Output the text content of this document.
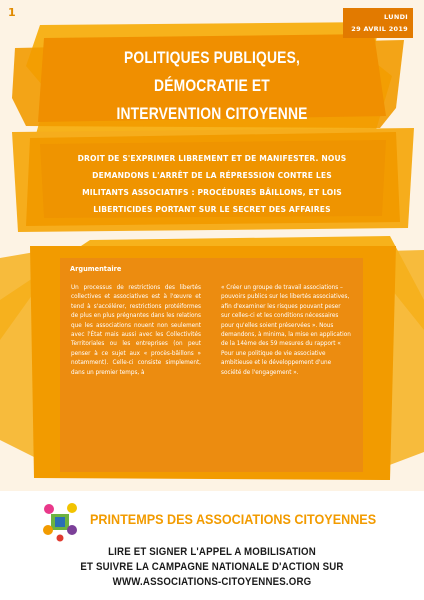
1	LUNDI
29 AVRIL 2019
POLITIQUES PUBLIQUES, DÉMOCRATIE ET
INTERVENTION CITOYENNE
DROIT DE S'EXPRIMER LIBREMENT ET DE MANIFESTER. NOUS
DEMANDONS L'ARRÊT DE LA RÉPRESSION CONTRE LES
MILITANTS ASSOCIATIFS : PROCÉDURES BÂILLONS, ET LOIS
LIBERTICIDES PORTANT SUR LE SECRET DES AFFAIRES
Argumentaire
Un processus de restrictions des libertés collectives et associatives est à l'œuvre et tend à s'accélérer, restrictions protéiformes de plus en plus prégnantes dans les relations que les associations nouent non seulement avec l'État mais aussi avec les Collectivités Territoriales ou les entreprises (on peut penser à ce sujet aux « procès-bâillons » notamment). Celle-ci consiste simplement, dans un premier temps, à
« Créer un groupe de travail associations – pouvoirs publics sur les libertés associatives, afin d'examiner les risques pouvant peser sur celles-ci et les conditions nécessaires pour qu'elles soient préservées ». Nous demandons, à minima, la mise en application de la 14ème des 59 mesures du rapport « Pour une politique de vie associative ambitieuse et le développement d'une société de l'engagement ».
PRINTEMPS DES ASSOCIATIONS CITOYENNES
LIRE ET SIGNER L'APPEL A MOBILISATION
ET SUIVRE LA CAMPAGNE NATIONALE D'ACTION SUR
WWW.ASSOCIATIONS-CITOYENNES.ORG
